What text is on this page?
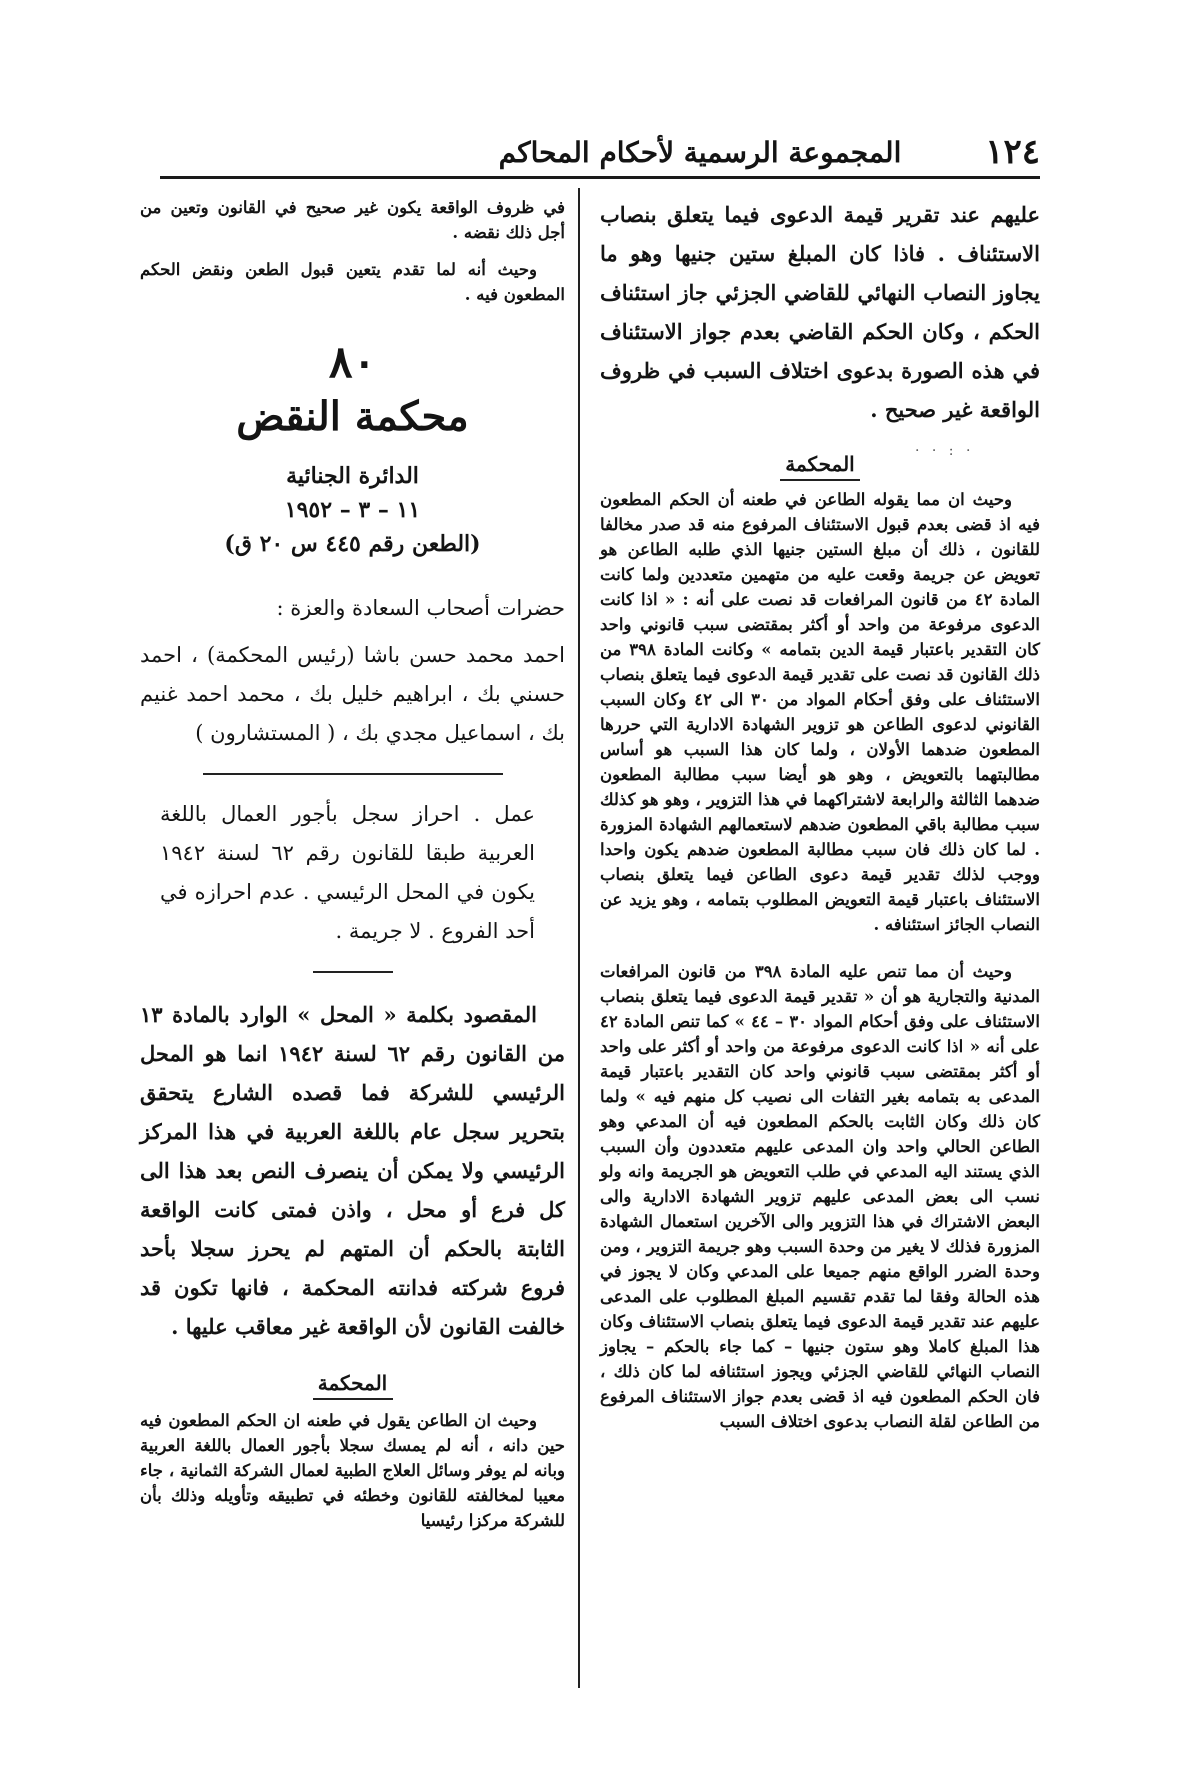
١٢٤
المجموعة الرسمية لأحكام المحاكم
· · : ·

عليهم عند تقرير قيمة الدعوى فيما يتعلق بنصاب الاستئناف . فاذا كان المبلغ ستين جنيها وهو ما يجاوز النصاب النهائي للقاضي الجزئي جاز استئناف الحكم ، وكان الحكم القاضي بعدم جواز الاستئناف في هذه الصورة بدعوى اختلاف السبب في ظروف الواقعة غير صحيح .

المحكمة

وحيث ان مما يقوله الطاعن في طعنه أن الحكم المطعون فيه اذ قضى بعدم قبول الاستئناف المرفوع منه قد صدر مخالفا للقانون ، ذلك أن مبلغ الستين جنيها الذي طلبه الطاعن هو تعويض عن جريمة وقعت عليه من متهمين متعددين ولما كانت المادة ٤٢ من قانون المرافعات قد نصت على أنه : « اذا كانت الدعوى مرفوعة من واحد أو أكثر بمقتضى سبب قانوني واحد كان التقدير باعتبار قيمة الدين بتمامه » وكانت المادة ٣٩٨ من ذلك القانون قد نصت على تقدير قيمة الدعوى فيما يتعلق بنصاب الاستئناف على وفق أحكام المواد من ٣٠ الى ٤٢ وكان السبب القانوني لدعوى الطاعن هو تزوير الشهادة الادارية التي حررها المطعون ضدهما الأولان ، ولما كان هذا السبب هو أساس مطالبتهما بالتعويض ، وهو هو أيضا سبب مطالبة المطعون ضدهما الثالثة والرابعة لاشتراكهما في هذا التزوير ، وهو هو كذلك سبب مطالبة باقي المطعون ضدهم لاستعمالهم الشهادة المزورة . لما كان ذلك فان سبب مطالبة المطعون ضدهم يكون واحدا ووجب لذلك تقدير قيمة دعوى الطاعن فيما يتعلق بنصاب الاستئناف باعتبار قيمة التعويض المطلوب بتمامه ، وهو يزيد عن النصاب الجائز استئنافه .

وحيث أن مما تنص عليه المادة ٣٩٨ من قانون المرافعات المدنية والتجارية هو أن « تقدير قيمة الدعوى فيما يتعلق بنصاب الاستئناف على وفق أحكام المواد ٣٠ – ٤٤ » كما تنص المادة ٤٢ على أنه « اذا كانت الدعوى مرفوعة من واحد أو أكثر على واحد أو أكثر بمقتضى سبب قانوني واحد كان التقدير باعتبار قيمة المدعى به بتمامه بغير التفات الى نصيب كل منهم فيه » ولما كان ذلك وكان الثابت بالحكم المطعون فيه أن المدعي وهو الطاعن الحالي واحد وان المدعى عليهم متعددون وأن السبب الذي يستند اليه المدعي في طلب التعويض هو الجريمة وانه ولو نسب الى بعض المدعى عليهم تزوير الشهادة الادارية والى البعض الاشتراك في هذا التزوير والى الآخرين استعمال الشهادة المزورة فذلك لا يغير من وحدة السبب وهو جريمة التزوير ، ومن وحدة الضرر الواقع منهم جميعا على المدعي وكان لا يجوز في هذه الحالة وفقا لما تقدم تقسيم المبلغ المطلوب على المدعى عليهم عند تقدير قيمة الدعوى فيما يتعلق بنصاب الاستئناف وكان هذا المبلغ كاملا وهو ستون جنيها – كما جاء بالحكم – يجاوز النصاب النهائي للقاضي الجزئي ويجوز استئنافه لما كان ذلك ، فان الحكم المطعون فيه اذ قضى بعدم جواز الاستئناف المرفوع من الطاعن لقلة النصاب بدعوى اختلاف السبب

في ظروف الواقعة يكون غير صحيح في القانون وتعين من أجل ذلك نقضه .

وحيث أنه لما تقدم يتعين قبول الطعن ونقض الحكم المطعون فيه .

٨٠

محكمة النقض

الدائرة الجنائية

١١ – ٣ – ١٩٥٢

(الطعن رقم ٤٤٥ س ٢٠ ق)

حضرات أصحاب السعادة والعزة :

احمد محمد حسن باشا (رئيس المحكمة) ، احمد حسني بك ، ابراهيم خليل بك ، محمد احمد غنيم بك ، اسماعيل مجدي بك ، ( المستشارون )

عمل . احراز سجل بأجور العمال باللغة العربية طبقا للقانون رقم ٦٢ لسنة ١٩٤٢ يكون في المحل الرئيسي . عدم احرازه في أحد الفروع . لا جريمة .

المقصود بكلمة « المحل » الوارد بالمادة ١٣ من القانون رقم ٦٢ لسنة ١٩٤٢ انما هو المحل الرئيسي للشركة فما قصده الشارع يتحقق بتحرير سجل عام باللغة العربية في هذا المركز الرئيسي ولا يمكن أن ينصرف النص بعد هذا الى كل فرع أو محل ، واذن فمتى كانت الواقعة الثابتة بالحكم أن المتهم لم يحرز سجلا بأحد فروع شركته فدانته المحكمة ، فانها تكون قد خالفت القانون لأن الواقعة غير معاقب عليها .

المحكمة

وحيث ان الطاعن يقول في طعنه ان الحكم المطعون فيه حين دانه ، أنه لم يمسك سجلا بأجور العمال باللغة العربية وبانه لم يوفر وسائل العلاج الطبية لعمال الشركة الثمانية ، جاء معيبا لمخالفته للقانون وخطئه في تطبيقه وتأويله وذلك بأن للشركة مركزا رئيسيا
